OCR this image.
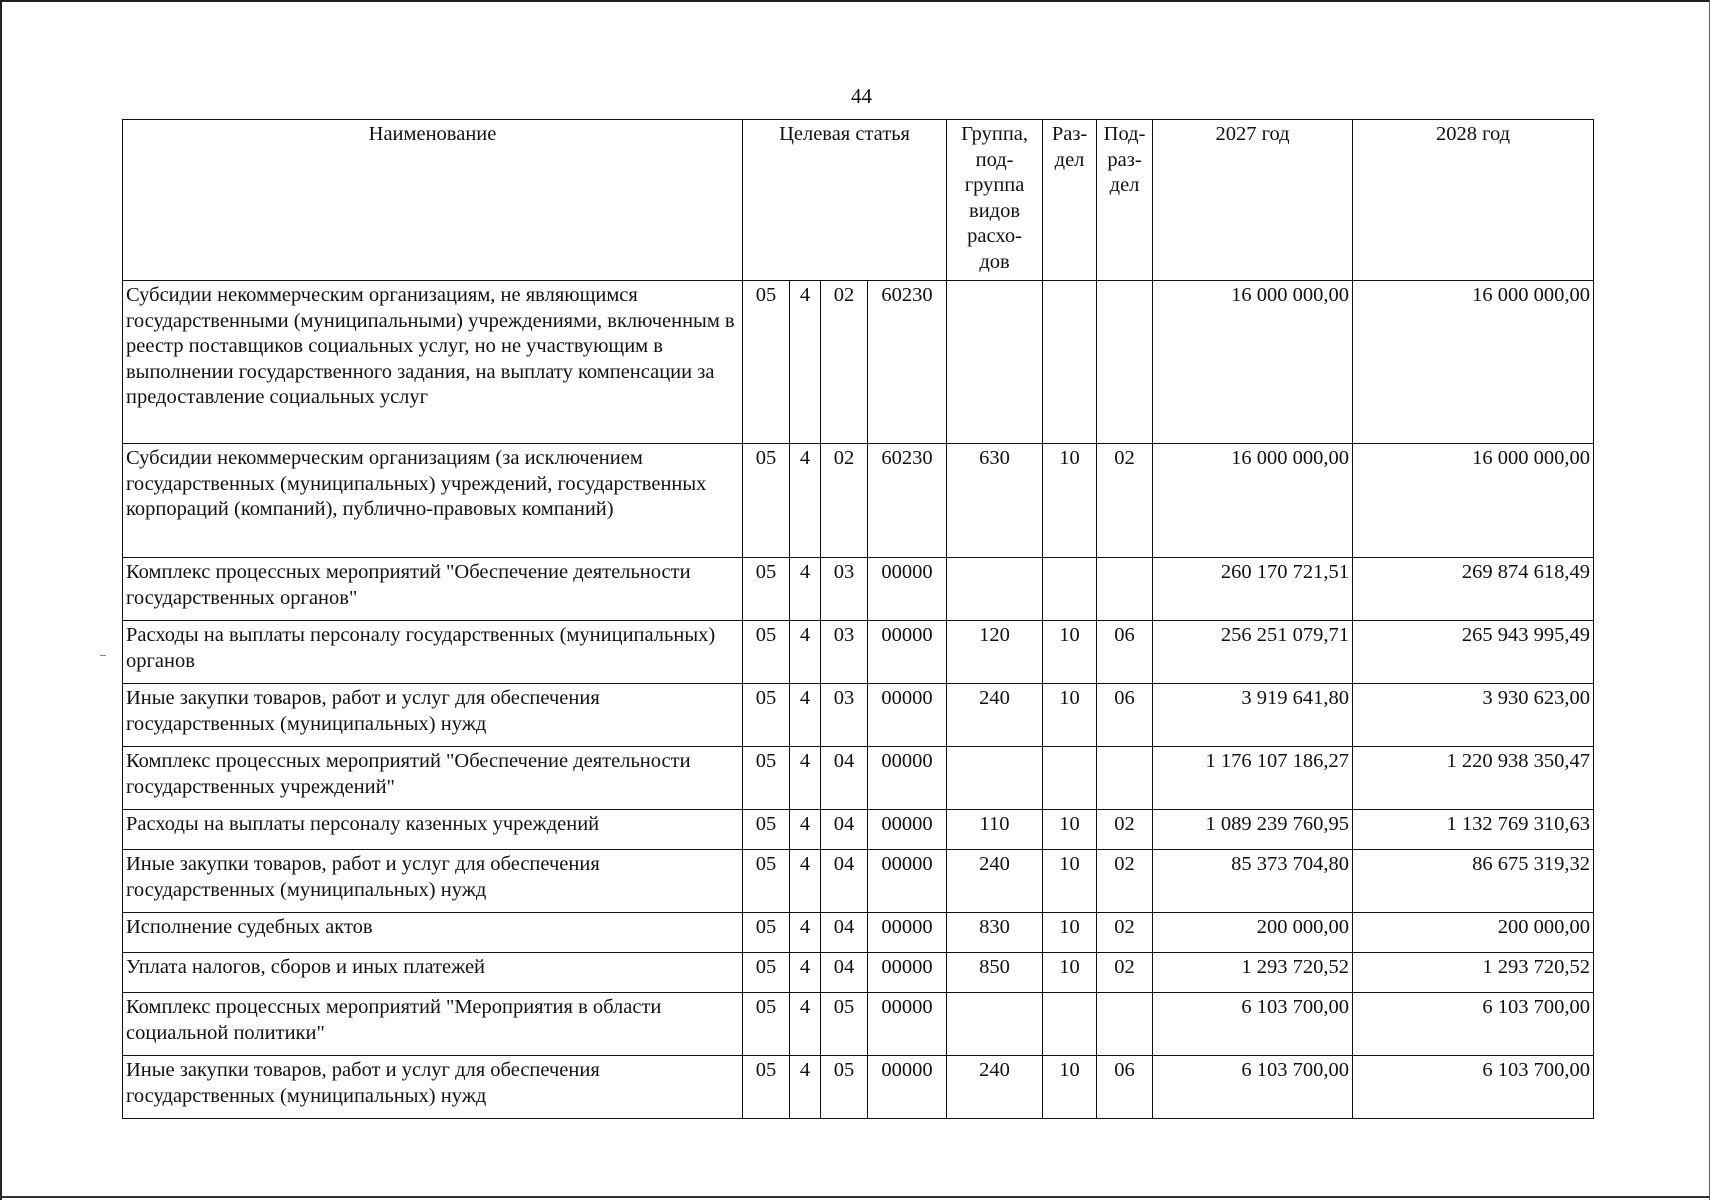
44
Наименование	Целевая статья				Группа, под- группа видов расхо- дов	Раз- дел	Под- раз- дел	2027 год	2028 год
Субсидии некоммерческим организациям, не являющимся государственными (муниципальными) учреждениями, включенным в реестр поставщиков социальных услуг, но не участвующим в выполнении государственного задания, на выплату компенсации за предоставление социальных услуг	05	4	02	60230				16 000 000,00	16 000 000,00
Субсидии некоммерческим организациям (за исключением государственных (муниципальных) учреждений, государственных корпораций (компаний), публично-правовых компаний)	05	4	02	60230	630	10	02	16 000 000,00	16 000 000,00
Комплекс процессных мероприятий "Обеспечение деятельности государственных органов"	05	4	03	00000				260 170 721,51	269 874 618,49
Расходы на выплаты персоналу государственных (муниципальных) органов	05	4	03	00000	120	10	06	256 251 079,71	265 943 995,49
Иные закупки товаров, работ и услуг для обеспечения государственных (муниципальных) нужд	05	4	03	00000	240	10	06	3 919 641,80	3 930 623,00
Комплекс процессных мероприятий "Обеспечение деятельности государственных учреждений"	05	4	04	00000				1 176 107 186,27	1 220 938 350,47
Расходы на выплаты персоналу казенных учреждений	05	4	04	00000	110	10	02	1 089 239 760,95	1 132 769 310,63
Иные закупки товаров, работ и услуг для обеспечения государственных (муниципальных) нужд	05	4	04	00000	240	10	02	85 373 704,80	86 675 319,32
Исполнение судебных актов	05	4	04	00000	830	10	02	200 000,00	200 000,00
Уплата налогов, сборов и иных платежей	05	4	04	00000	850	10	02	1 293 720,52	1 293 720,52
Комплекс процессных мероприятий "Мероприятия в области социальной политики"	05	4	05	00000				6 103 700,00	6 103 700,00
Иные закупки товаров, работ и услуг для обеспечения государственных (муниципальных) нужд	05	4	05	00000	240	10	06	6 103 700,00	6 103 700,00
